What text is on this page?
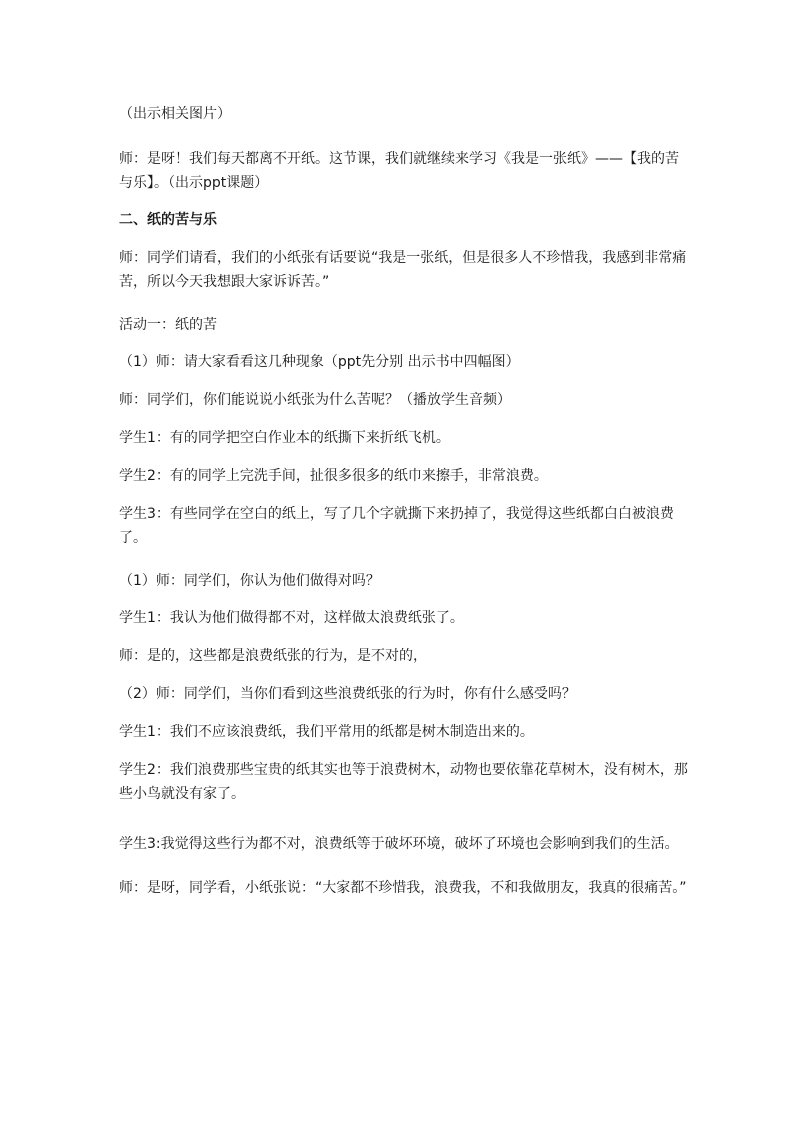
（出示相关图片）
师：是呀！我们每天都离不开纸。这节课，我们就继续来学习《我是一张纸》——【我的苦与乐】。（出示ppt课题）
二、纸的苦与乐
师：同学们请看，我们的小纸张有话要说“我是一张纸，但是很多人不珍惜我，我感到非常痛苦，所以今天我想跟大家诉诉苦。”
活动一：纸的苦
（1）师：请大家看看这几种现象（ppt先分别 出示书中四幅图）
师：同学们，你们能说说小纸张为什么苦呢？（播放学生音频）
学生1：有的同学把空白作业本的纸撕下来折纸飞机。
学生2：有的同学上完洗手间，扯很多很多的纸巾来擦手，非常浪费。
学生3：有些同学在空白的纸上，写了几个字就撕下来扔掉了，我觉得这些纸都白白被浪费了。
（1）师：同学们，你认为他们做得对吗？
学生1：我认为他们做得都不对，这样做太浪费纸张了。
师：是的，这些都是浪费纸张的行为，是不对的，
（2）师：同学们，当你们看到这些浪费纸张的行为时，你有什么感受吗？
学生1：我们不应该浪费纸，我们平常用的纸都是树木制造出来的。
学生2：我们浪费那些宝贵的纸其实也等于浪费树木，动物也要依靠花草树木，没有树木，那些小鸟就没有家了。
学生3:我觉得这些行为都不对，浪费纸等于破坏环境，破坏了环境也会影响到我们的生活。
师：是呀，同学看，小纸张说：“大家都不珍惜我，浪费我，不和我做朋友，我真的很痛苦。”
